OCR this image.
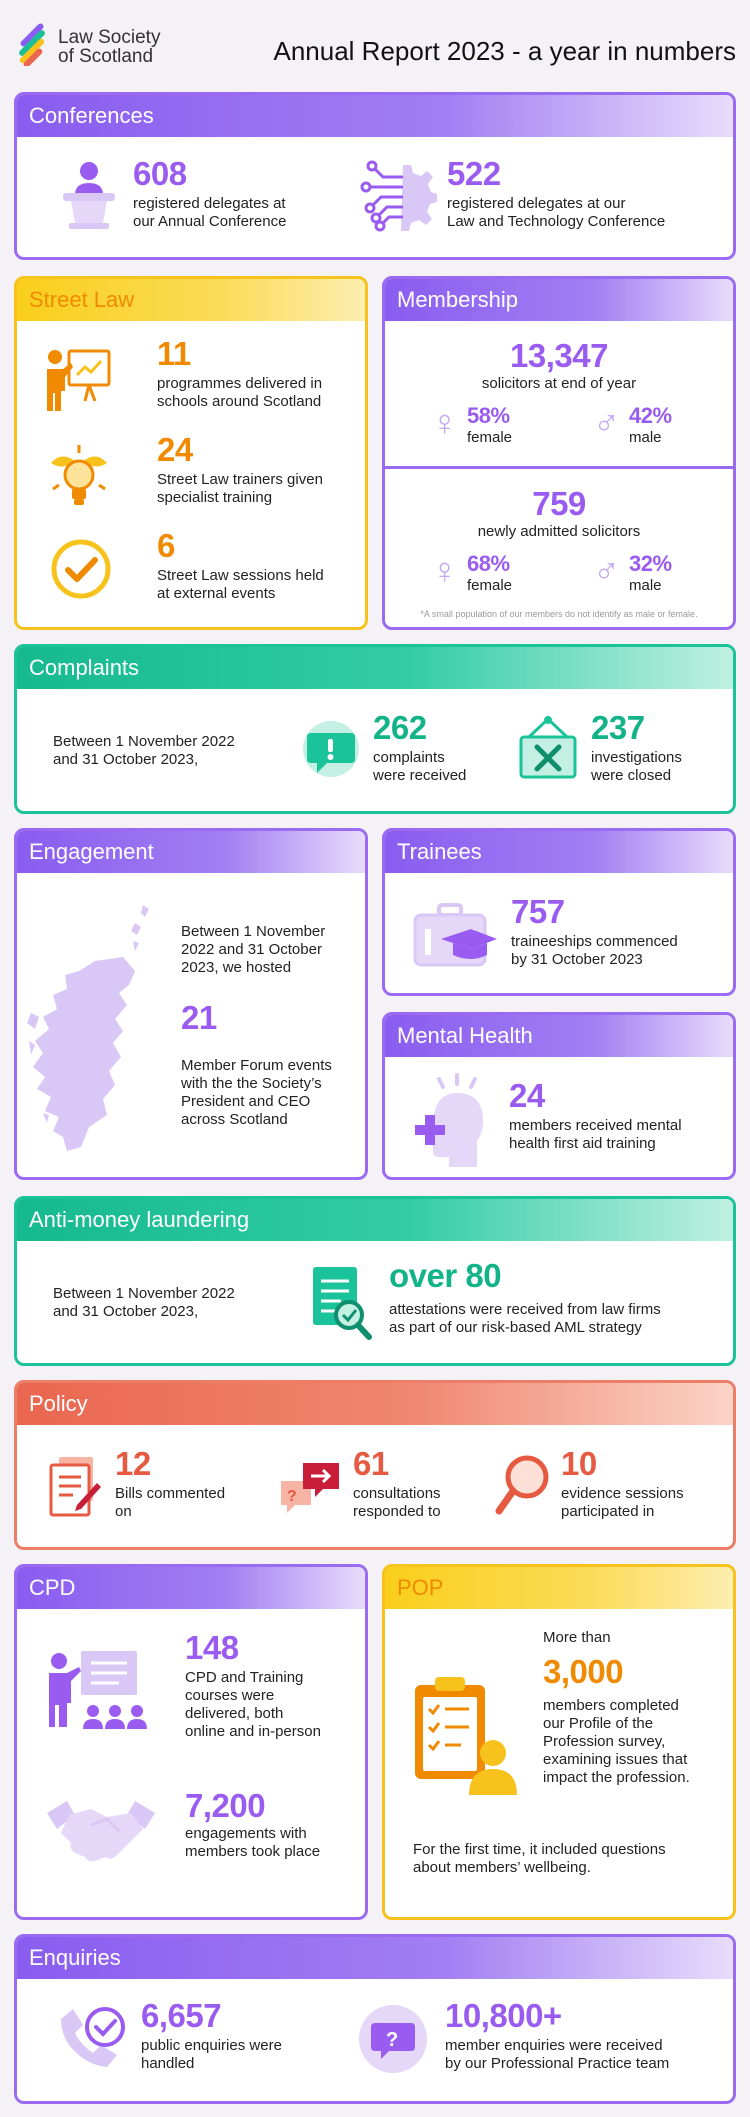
Law Society
of Scotland	Annual Report 2023 - a year in numbers
Conferences
608
registered delegates at
our Annual Conference
522
registered delegates at our
Law and Technology Conference
Street Law
11
programmes delivered in
schools around Scotland
24
Street Law trainers given
specialist training
6
Street Law sessions held
at external events
Membership
13,347
solicitors at end of year
♀ 58%
female ♂ 42%
male
759
newly admitted solicitors
♀ 68%
female ♂ 32%
male
*A small population of our members do not identify as male or female.
Complaints
Between 1 November 2022
and 31 October 2023,
262
complaints
were received
237
investigations
were closed
Engagement
Between 1 November
2022 and 31 October
2023, we hosted
21
Member Forum events
with the the Society’s
President and CEO
across Scotland
Trainees
757
traineeships commenced
by 31 October 2023
Mental Health
24
members received mental
health first aid training
Anti-money laundering
Between 1 November 2022
and 31 October 2023,
over 80
attestations were received from law firms
as part of our risk-based AML strategy
Policy
12
Bills commented
on
?
61
consultations
responded to
10
evidence sessions
participated in
CPD
148
CPD and Training
courses were
delivered, both
online and in-person
7,200
engagements with
members took place
POP
More than
3,000
members completed
our Profile of the
Profession survey,
examining issues that
impact the profession.
For the first time, it included questions
about members’ wellbeing.
Enquiries
6,657
public enquiries were
handled
?
10,800+
member enquiries were received
by our Professional Practice team
